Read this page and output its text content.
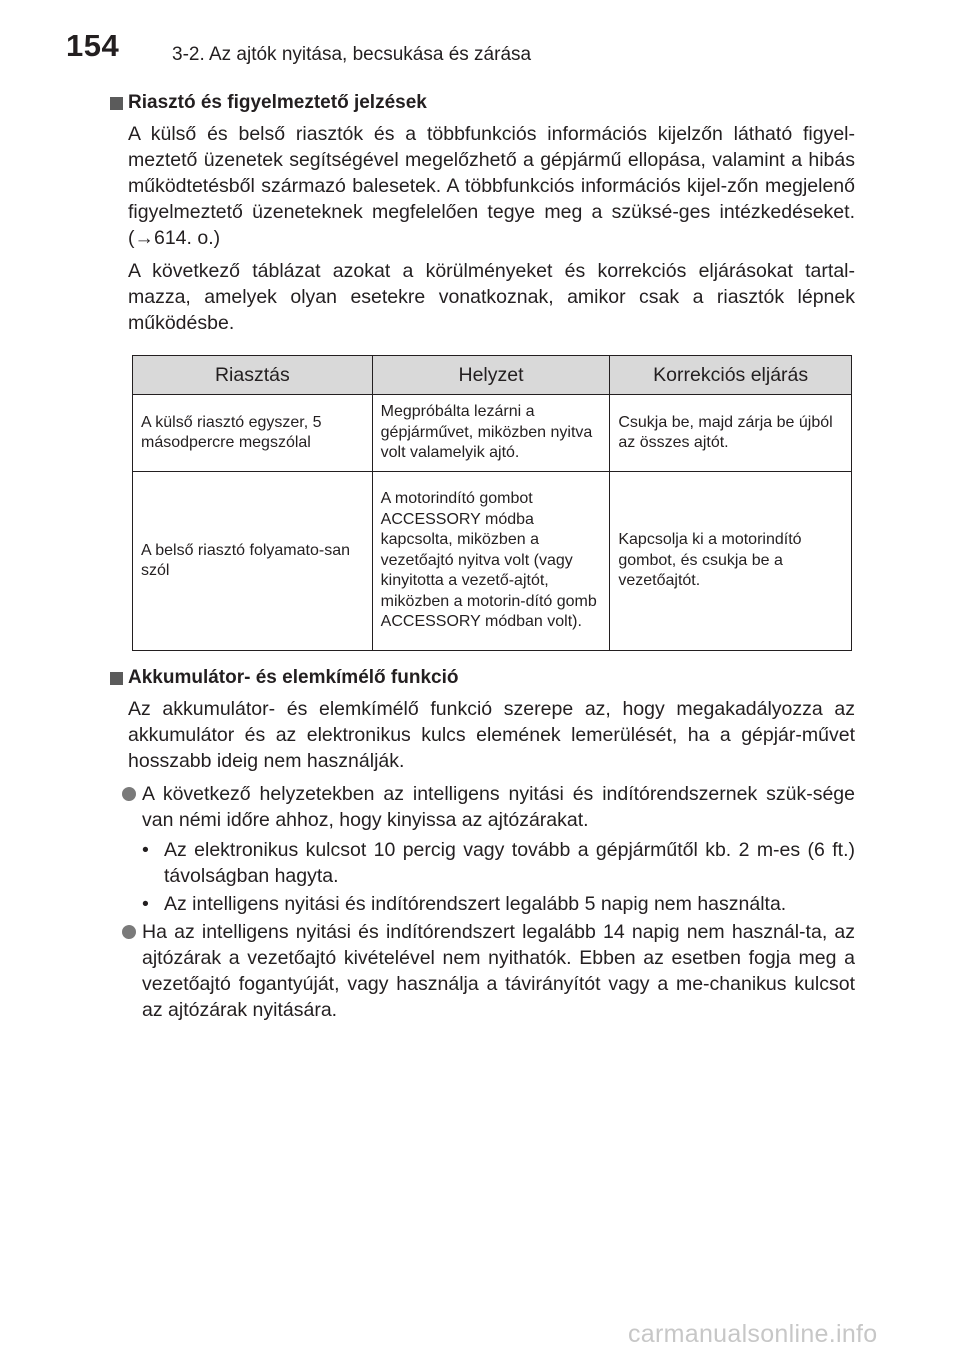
154	3-2. Az ajtók nyitása, becsukása és zárása
Riasztó és figyelmeztető jelzések

A külső és belső riasztók és a többfunkciós információs kijelzőn látható figyel-meztető üzenetek segítségével megelőzhető a gépjármű ellopása, valamint a hibás működtetésből származó balesetek. A többfunkciós információs kijel-zőn megjelenő figyelmeztető üzeneteknek megfelelően tegye meg a szüksé-ges intézkedéseket. (→614. o.)

A következő táblázat azokat a körülményeket és korrekciós eljárásokat tartal-mazza, amelyek olyan esetekre vonatkoznak, amikor csak a riasztók lépnek működésbe.

Riasztás	Helyzet	Korrekciós eljárás
A külső riasztó egyszer, 5 másodpercre megszólal	Megpróbálta lezárni a gépjárművet, miközben nyitva volt valamelyik ajtó.	Csukja be, majd zárja be újból az összes ajtót.
A belső riasztó folyamato-san szól	A motorindító gombot ACCESSORY módba kapcsolta, miközben a vezetőajtó nyitva volt (vagy kinyitotta a vezető-ajtót, miközben a motorin-dító gomb ACCESSORY módban volt).	Kapcsolja ki a motorindító gombot, és csukja be a vezetőajtót.
Akkumulátor- és elemkímélő funkció

Az akkumulátor- és elemkímélő funkció szerepe az, hogy megakadályozza az akkumulátor és az elektronikus kulcs elemének lemerülését, ha a gépjár-művet hosszabb ideig nem használják.

A következő helyzetekben az intelligens nyitási és indítórendszernek szük-sége van némi időre ahhoz, hogy kinyissa az ajtózárakat.
• Az elektronikus kulcsot 10 percig vagy tovább a gépjárműtől kb. 2 m-es (6 ft.) távolságban hagyta.
• Az intelligens nyitási és indítórendszert legalább 5 napig nem használta.
Ha az intelligens nyitási és indítórendszert legalább 14 napig nem használ-ta, az ajtózárak a vezetőajtó kivételével nem nyithatók. Ebben az esetben fogja meg a vezetőajtó fogantyúját, vagy használja a távirányítót vagy a me-chanikus kulcsot az ajtózárak nyitására.
carmanualsonline.info
